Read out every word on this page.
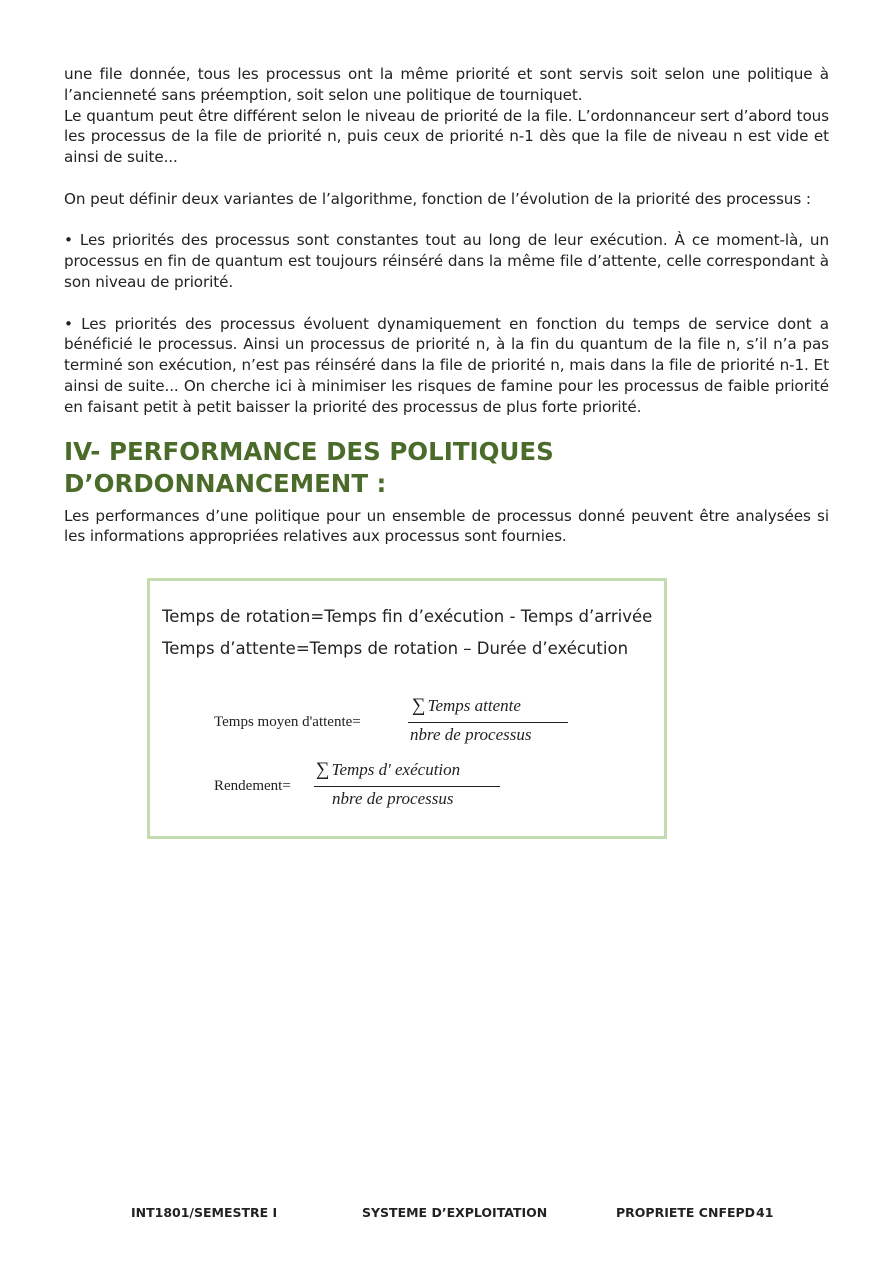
une file donnée, tous les processus ont la même priorité et sont servis soit selon une politique à l’ancienneté sans préemption, soit selon une politique de tourniquet.

Le quantum peut être différent selon le niveau de priorité de la file. L’ordonnanceur sert d’abord tous les processus de la file de priorité n, puis ceux de priorité n-1 dès que la file de niveau n est vide et ainsi de suite...

On peut définir deux variantes de l’algorithme, fonction de l’évolution de la priorité des processus :

• Les priorités des processus sont constantes tout au long de leur exécution. À ce moment-là, un processus en fin de quantum est toujours réinséré dans la même file d’attente, celle correspondant à son niveau de priorité.

• Les priorités des processus évoluent dynamiquement en fonction du temps de service dont a bénéficié le processus. Ainsi un processus de priorité n, à la fin du quantum de la file n, s’il n’a pas terminé son exécution, n’est pas réinséré dans la file de priorité n, mais dans la file de priorité n-1. Et ainsi de suite... On cherche ici à minimiser les risques de famine pour les processus de faible priorité en faisant petit à petit baisser la priorité des processus de plus forte priorité.

IV- PERFORMANCE DES POLITIQUES D’ORDONNANCEMENT :

Les performances d’une politique pour un ensemble de processus donné peuvent être analysées si les informations appropriées relatives aux processus sont fournies.

Temps de rotation=Temps fin d’exécution - Temps d’arrivée
Temps d’attente=Temps de rotation – Durée d’exécution
Temps moyen d'attente=
∑ Temps attente
nbre de processus
Rendement=
∑ Temps d' exécution
nbre de processus
INT1801/SEMESTRE I	SYSTEME D’EXPLOITATION	PROPRIETE CNFEPD 41
